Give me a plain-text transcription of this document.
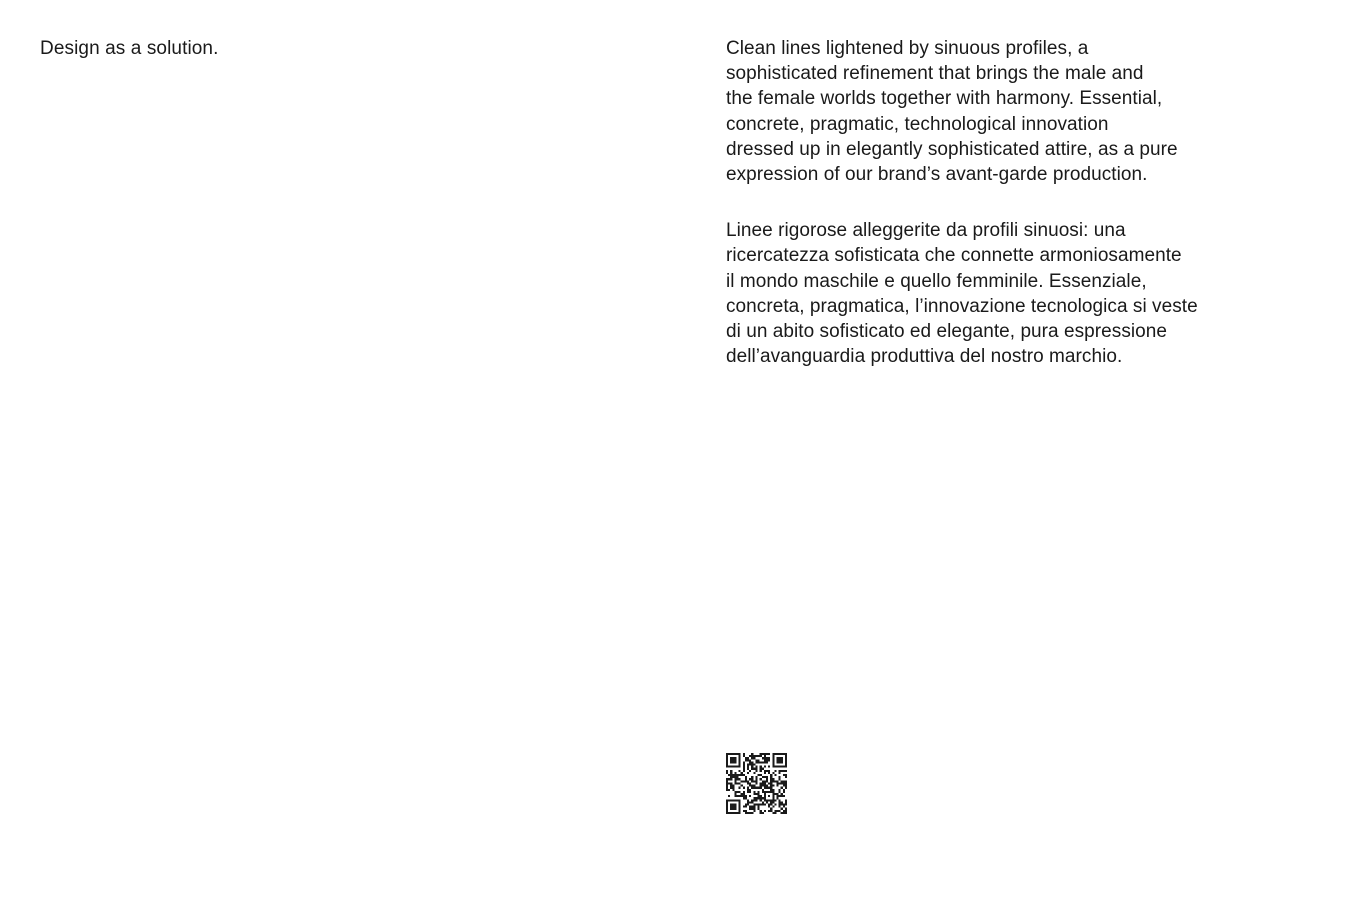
Design as a solution.	Clean lines lightened by sinuous profiles, a
sophisticated refinement that brings the male and
the female worlds together with harmony. Essential,
concrete, pragmatic, technological innovation
dressed up in elegantly sophisticated attire, as a pure
expression of our brand’s avant-garde production.

Linee rigorose alleggerite da profili sinuosi: una
ricercatezza sofisticata che connette armoniosamente
il mondo maschile e quello femminile. Essenziale,
concreta, pragmatica, l’innovazione tecnologica si veste
di un abito sofisticato ed elegante, pura espressione
dell’avanguardia produttiva del nostro marchio.
